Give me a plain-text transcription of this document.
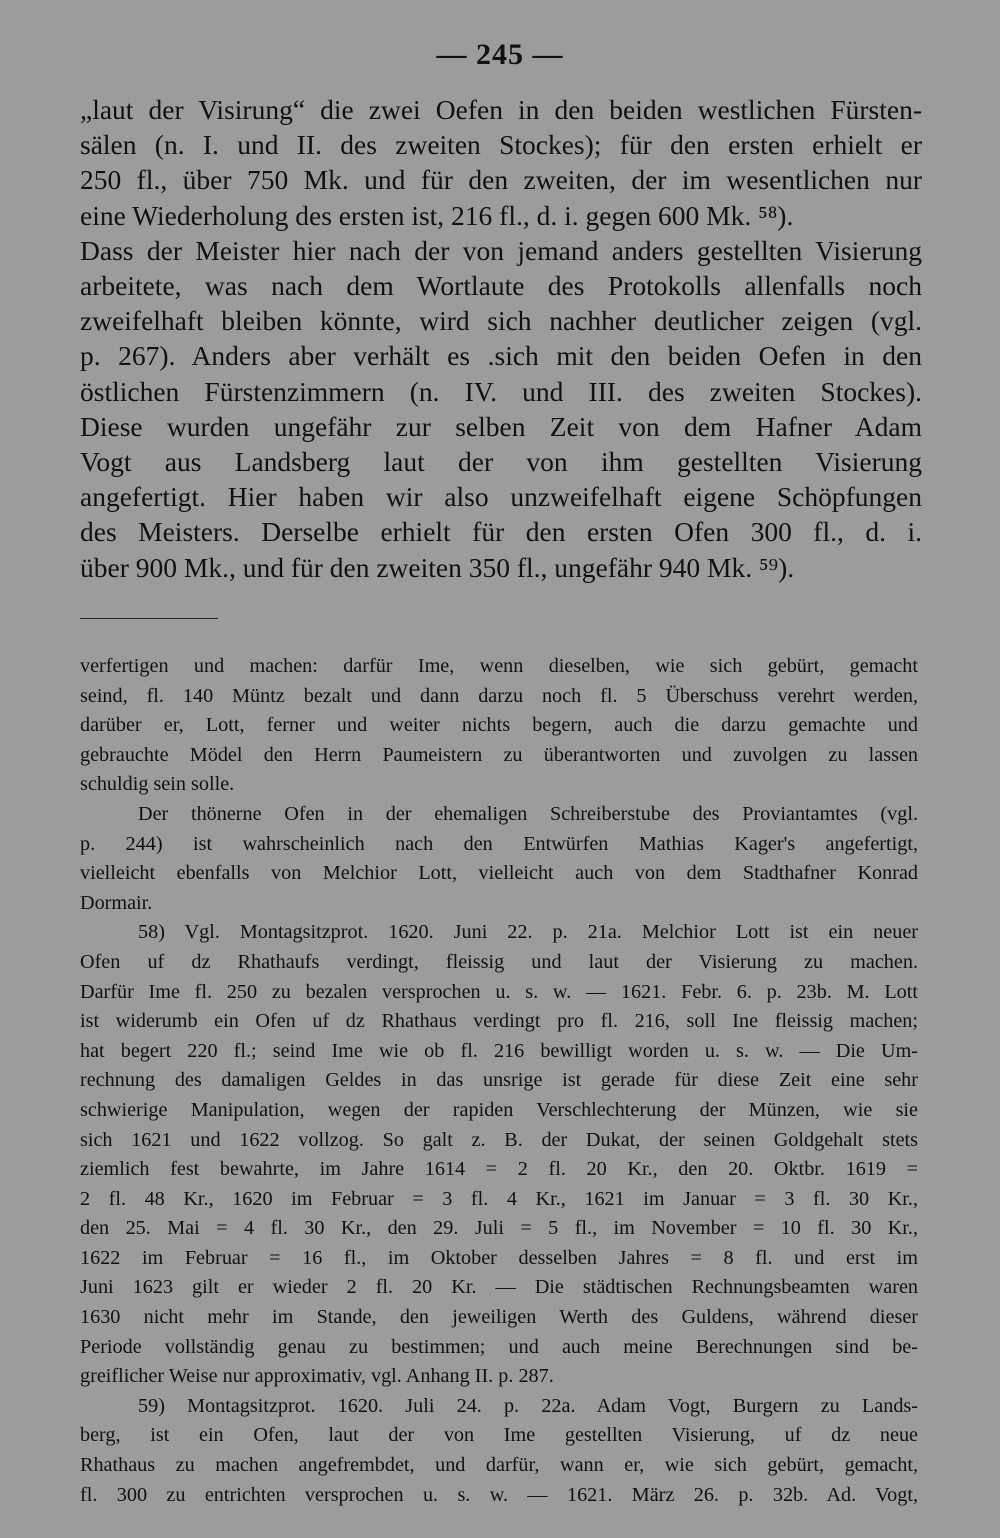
— 245 —
„laut der Visirung“ die zwei Oefen in den beiden westlichen Fürsten-
sälen (n. I. und II. des zweiten Stockes); für den ersten erhielt er
250 fl., über 750 Mk. und für den zweiten, der im wesentlichen nur
eine Wiederholung des ersten ist, 216 fl., d. i. gegen 600 Mk. ⁵⁸).
Dass der Meister hier nach der von jemand anders gestellten Visierung
arbeitete, was nach dem Wortlaute des Protokolls allenfalls noch
zweifelhaft bleiben könnte, wird sich nachher deutlicher zeigen (vgl.
p. 267). Anders aber verhält es .sich mit den beiden Oefen in den
östlichen Fürstenzimmern (n. IV. und III. des zweiten Stockes).
Diese wurden ungefähr zur selben Zeit von dem Hafner Adam
Vogt aus Landsberg laut der von ihm gestellten Visierung
angefertigt. Hier haben wir also unzweifelhaft eigene Schöpfungen
des Meisters. Derselbe erhielt für den ersten Ofen 300 fl., d. i.
über 900 Mk., und für den zweiten 350 fl., ungefähr 940 Mk. ⁵⁹).
verfertigen und machen: darfür Ime, wenn dieselben, wie sich gebürt, gemacht
seind, fl. 140 Müntz bezalt und dann darzu noch fl. 5 Überschuss verehrt werden,
darüber er, Lott, ferner und weiter nichts begern, auch die darzu gemachte und
gebrauchte Mödel den Herrn Paumeistern zu überantworten und zuvolgen zu lassen
schuldig sein solle.
Der thönerne Ofen in der ehemaligen Schreiberstube des Proviantamtes (vgl.
p. 244) ist wahrscheinlich nach den Entwürfen Mathias Kager's angefertigt,
vielleicht ebenfalls von Melchior Lott, vielleicht auch von dem Stadthafner Konrad
Dormair.
58) Vgl. Montagsitzprot. 1620. Juni 22. p. 21a. Melchior Lott ist ein neuer
Ofen uf dz Rhathaufs verdingt, fleissig und laut der Visierung zu machen.
Darfür Ime fl. 250 zu bezalen versprochen u. s. w. — 1621. Febr. 6. p. 23b. M. Lott
ist widerumb ein Ofen uf dz Rhathaus verdingt pro fl. 216, soll Ine fleissig machen;
hat begert 220 fl.; seind Ime wie ob fl. 216 bewilligt worden u. s. w. — Die Um-
rechnung des damaligen Geldes in das unsrige ist gerade für diese Zeit eine sehr
schwierige Manipulation, wegen der rapiden Verschlechterung der Münzen, wie sie
sich 1621 und 1622 vollzog. So galt z. B. der Dukat, der seinen Goldgehalt stets
ziemlich fest bewahrte, im Jahre 1614 = 2 fl. 20 Kr., den 20. Oktbr. 1619 =
2 fl. 48 Kr., 1620 im Februar = 3 fl. 4 Kr., 1621 im Januar = 3 fl. 30 Kr.,
den 25. Mai = 4 fl. 30 Kr., den 29. Juli = 5 fl., im November = 10 fl. 30 Kr.,
1622 im Februar = 16 fl., im Oktober desselben Jahres = 8 fl. und erst im
Juni 1623 gilt er wieder 2 fl. 20 Kr. — Die städtischen Rechnungsbeamten waren
1630 nicht mehr im Stande, den jeweiligen Werth des Guldens, während dieser
Periode vollständig genau zu bestimmen; und auch meine Berechnungen sind be-
greiflicher Weise nur approximativ, vgl. Anhang II. p. 287.
59) Montagsitzprot. 1620. Juli 24. p. 22a. Adam Vogt, Burgern zu Lands-
berg, ist ein Ofen, laut der von Ime gestellten Visierung, uf dz neue
Rhathaus zu machen angefrembdet, und darfür, wann er, wie sich gebürt, gemacht,
fl. 300 zu entrichten versprochen u. s. w. — 1621. März 26. p. 32b. Ad. Vogt,
